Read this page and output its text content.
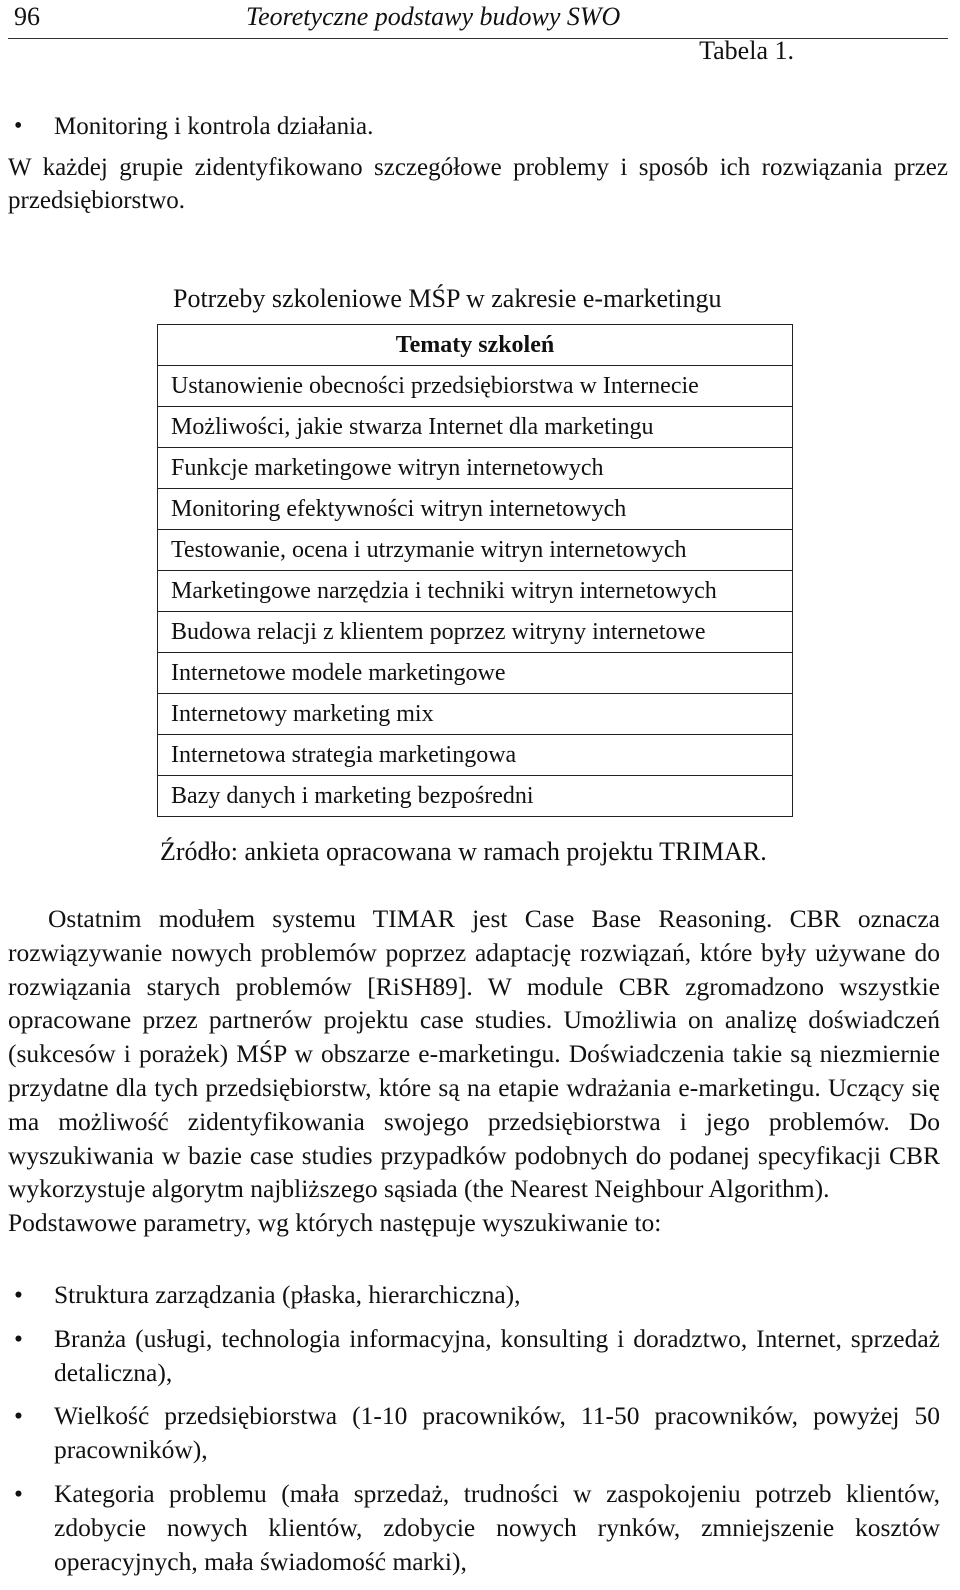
96	Teoretyczne podstawy budowy SWO
• Monitoring i kontrola działania.
W każdej grupie zidentyfikowano szczegółowe problemy i sposób ich rozwiązania przez przedsiębiorstwo.
Tabela 1.
Potrzeby szkoleniowe MŚP w zakresie e-marketingu
Tematy szkoleń
Ustanowienie obecności przedsiębiorstwa w Internecie
Możliwości, jakie stwarza Internet dla marketingu
Funkcje marketingowe witryn internetowych
Monitoring efektywności witryn internetowych
Testowanie, ocena i utrzymanie witryn internetowych
Marketingowe narzędzia i techniki witryn internetowych
Budowa relacji z klientem poprzez witryny internetowe
Internetowe modele marketingowe
Internetowy marketing mix
Internetowa strategia marketingowa
Bazy danych i marketing bezpośredni
Źródło: ankieta opracowana w ramach projektu TRIMAR.

Ostatnim modułem systemu TIMAR jest Case Base Reasoning. CBR oznacza rozwiązywanie nowych problemów poprzez adaptację rozwiązań, które były używane do rozwiązania starych problemów [RiSH89]. W module CBR zgromadzono wszystkie opracowane przez partnerów projektu case studies. Umożliwia on analizę doświadczeń (sukcesów i porażek) MŚP w obszarze e-marketingu. Doświadczenia takie są niezmiernie przydatne dla tych przedsiębiorstw, które są na etapie wdrażania e-marketingu. Uczący się ma możliwość zidentyfikowania swojego przedsiębiorstwa i jego problemów. Do wyszukiwania w bazie case studies przypadków podobnych do podanej specyfikacji CBR wykorzystuje algorytm najbliższego sąsiada (the Nearest Neighbour Algorithm).

Podstawowe parametry, wg których następuje wyszukiwanie to:

• Struktura zarządzania (płaska, hierarchiczna),
• Branża (usługi, technologia informacyjna, konsulting i doradztwo, Internet, sprzedaż detaliczna),
• Wielkość przedsiębiorstwa (1-10 pracowników, 11-50 pracowników, powyżej 50 pracowników),
• Kategoria problemu (mała sprzedaż, trudności w zaspokojeniu potrzeb klientów, zdobycie nowych klientów, zdobycie nowych rynków, zmniejszenie kosztów operacyjnych, mała świadomość marki),
